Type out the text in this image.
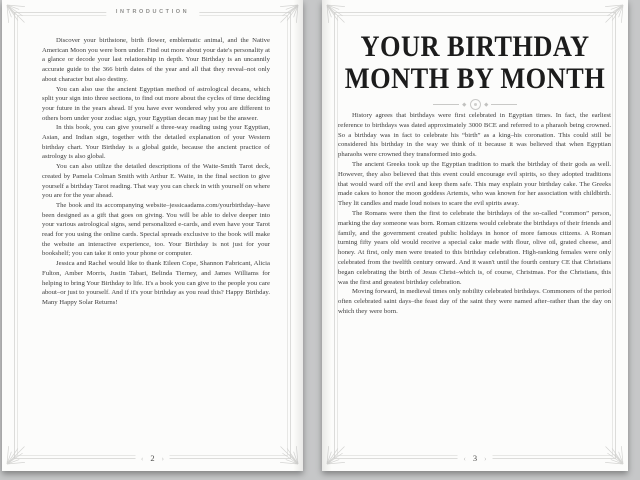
INTRODUCTION

Discover your birthstone, birth flower, emblematic animal, and the Native American Moon you were born under. Find out more about your date's personality at a glance or decode your last relationship in depth. Your Birthday is an uncannily accurate guide to the 366 birth dates of the year and all that they reveal–not only about character but also destiny.

You can also use the ancient Egyptian method of astrological decans, which split your sign into three sections, to find out more about the cycles of time deciding your future in the years ahead. If you have ever wondered why you are different to others born under your zodiac sign, your Egyptian decan may just be the answer.

In this book, you can give yourself a three-way reading using your Egyptian, Asian, and Indian sign, together with the detailed explanation of your Western birthday chart. Your Birthday is a global guide, because the ancient practice of astrology is also global.

You can also utilize the detailed descriptions of the Waite-Smith Tarot deck, created by Pamela Colman Smith with Arthur E. Waite, in the final section to give yourself a birthday Tarot reading. That way you can check in with yourself on where you are for the year ahead.

The book and its accompanying website–jessicaadams.com/yourbirthday–have been designed as a gift that goes on giving. You will be able to delve deeper into your various astrological signs, send personalized e-cards, and even have your Tarot read for you using the online cards. Special spreads exclusive to the book will make the website an interactive experience, too. Your Birthday is not just for your bookshelf; you can take it onto your phone or computer.

Jessica and Rachel would like to thank Eileen Cope, Shannon Fabricant, Alicia Fulton, Amber Morris, Justin Tabari, Belinda Tierney, and James Williams for helping to bring Your Birthday to life. It's a book you can give to the people you care about–or just to yourself. And if it's your birthday as you read this? Happy Birthday. Many Happy Solar Returns!

‹ 2 ›
YOUR BIRTHDAY
MONTH BY MONTH

History agrees that birthdays were first celebrated in Egyptian times. In fact, the earliest reference to birthdays was dated approximately 3000 BCE and referred to a pharaoh being crowned. So a birthday was in fact to celebrate his “birth” as a king–his coronation. This could still be considered his birthday in the way we think of it because it was believed that when Egyptian pharaohs were crowned they transformed into gods.

The ancient Greeks took up the Egyptian tradition to mark the birthday of their gods as well. However, they also believed that this event could encourage evil spirits, so they adopted traditions that would ward off the evil and keep them safe. This may explain your birthday cake. The Greeks made cakes to honor the moon goddess Artemis, who was known for her association with childbirth. They lit candles and made loud noises to scare the evil spirits away.

The Romans were then the first to celebrate the birthdays of the so-called “common” person, marking the day someone was born. Roman citizens would celebrate the birthdays of their friends and family, and the government created public holidays in honor of more famous citizens. A Roman turning fifty years old would receive a special cake made with flour, olive oil, grated cheese, and honey. At first, only men were treated to this birthday celebration. High-ranking females were only celebrated from the twelfth century onward. And it wasn't until the fourth century CE that Christians began celebrating the birth of Jesus Christ–which is, of course, Christmas. For the Christians, this was the first and greatest birthday celebration.

Moving forward, in medieval times only nobility celebrated birthdays. Commoners of the period often celebrated saint days–the feast day of the saint they were named after–rather than the day on which they were born.

‹ 3 ›
